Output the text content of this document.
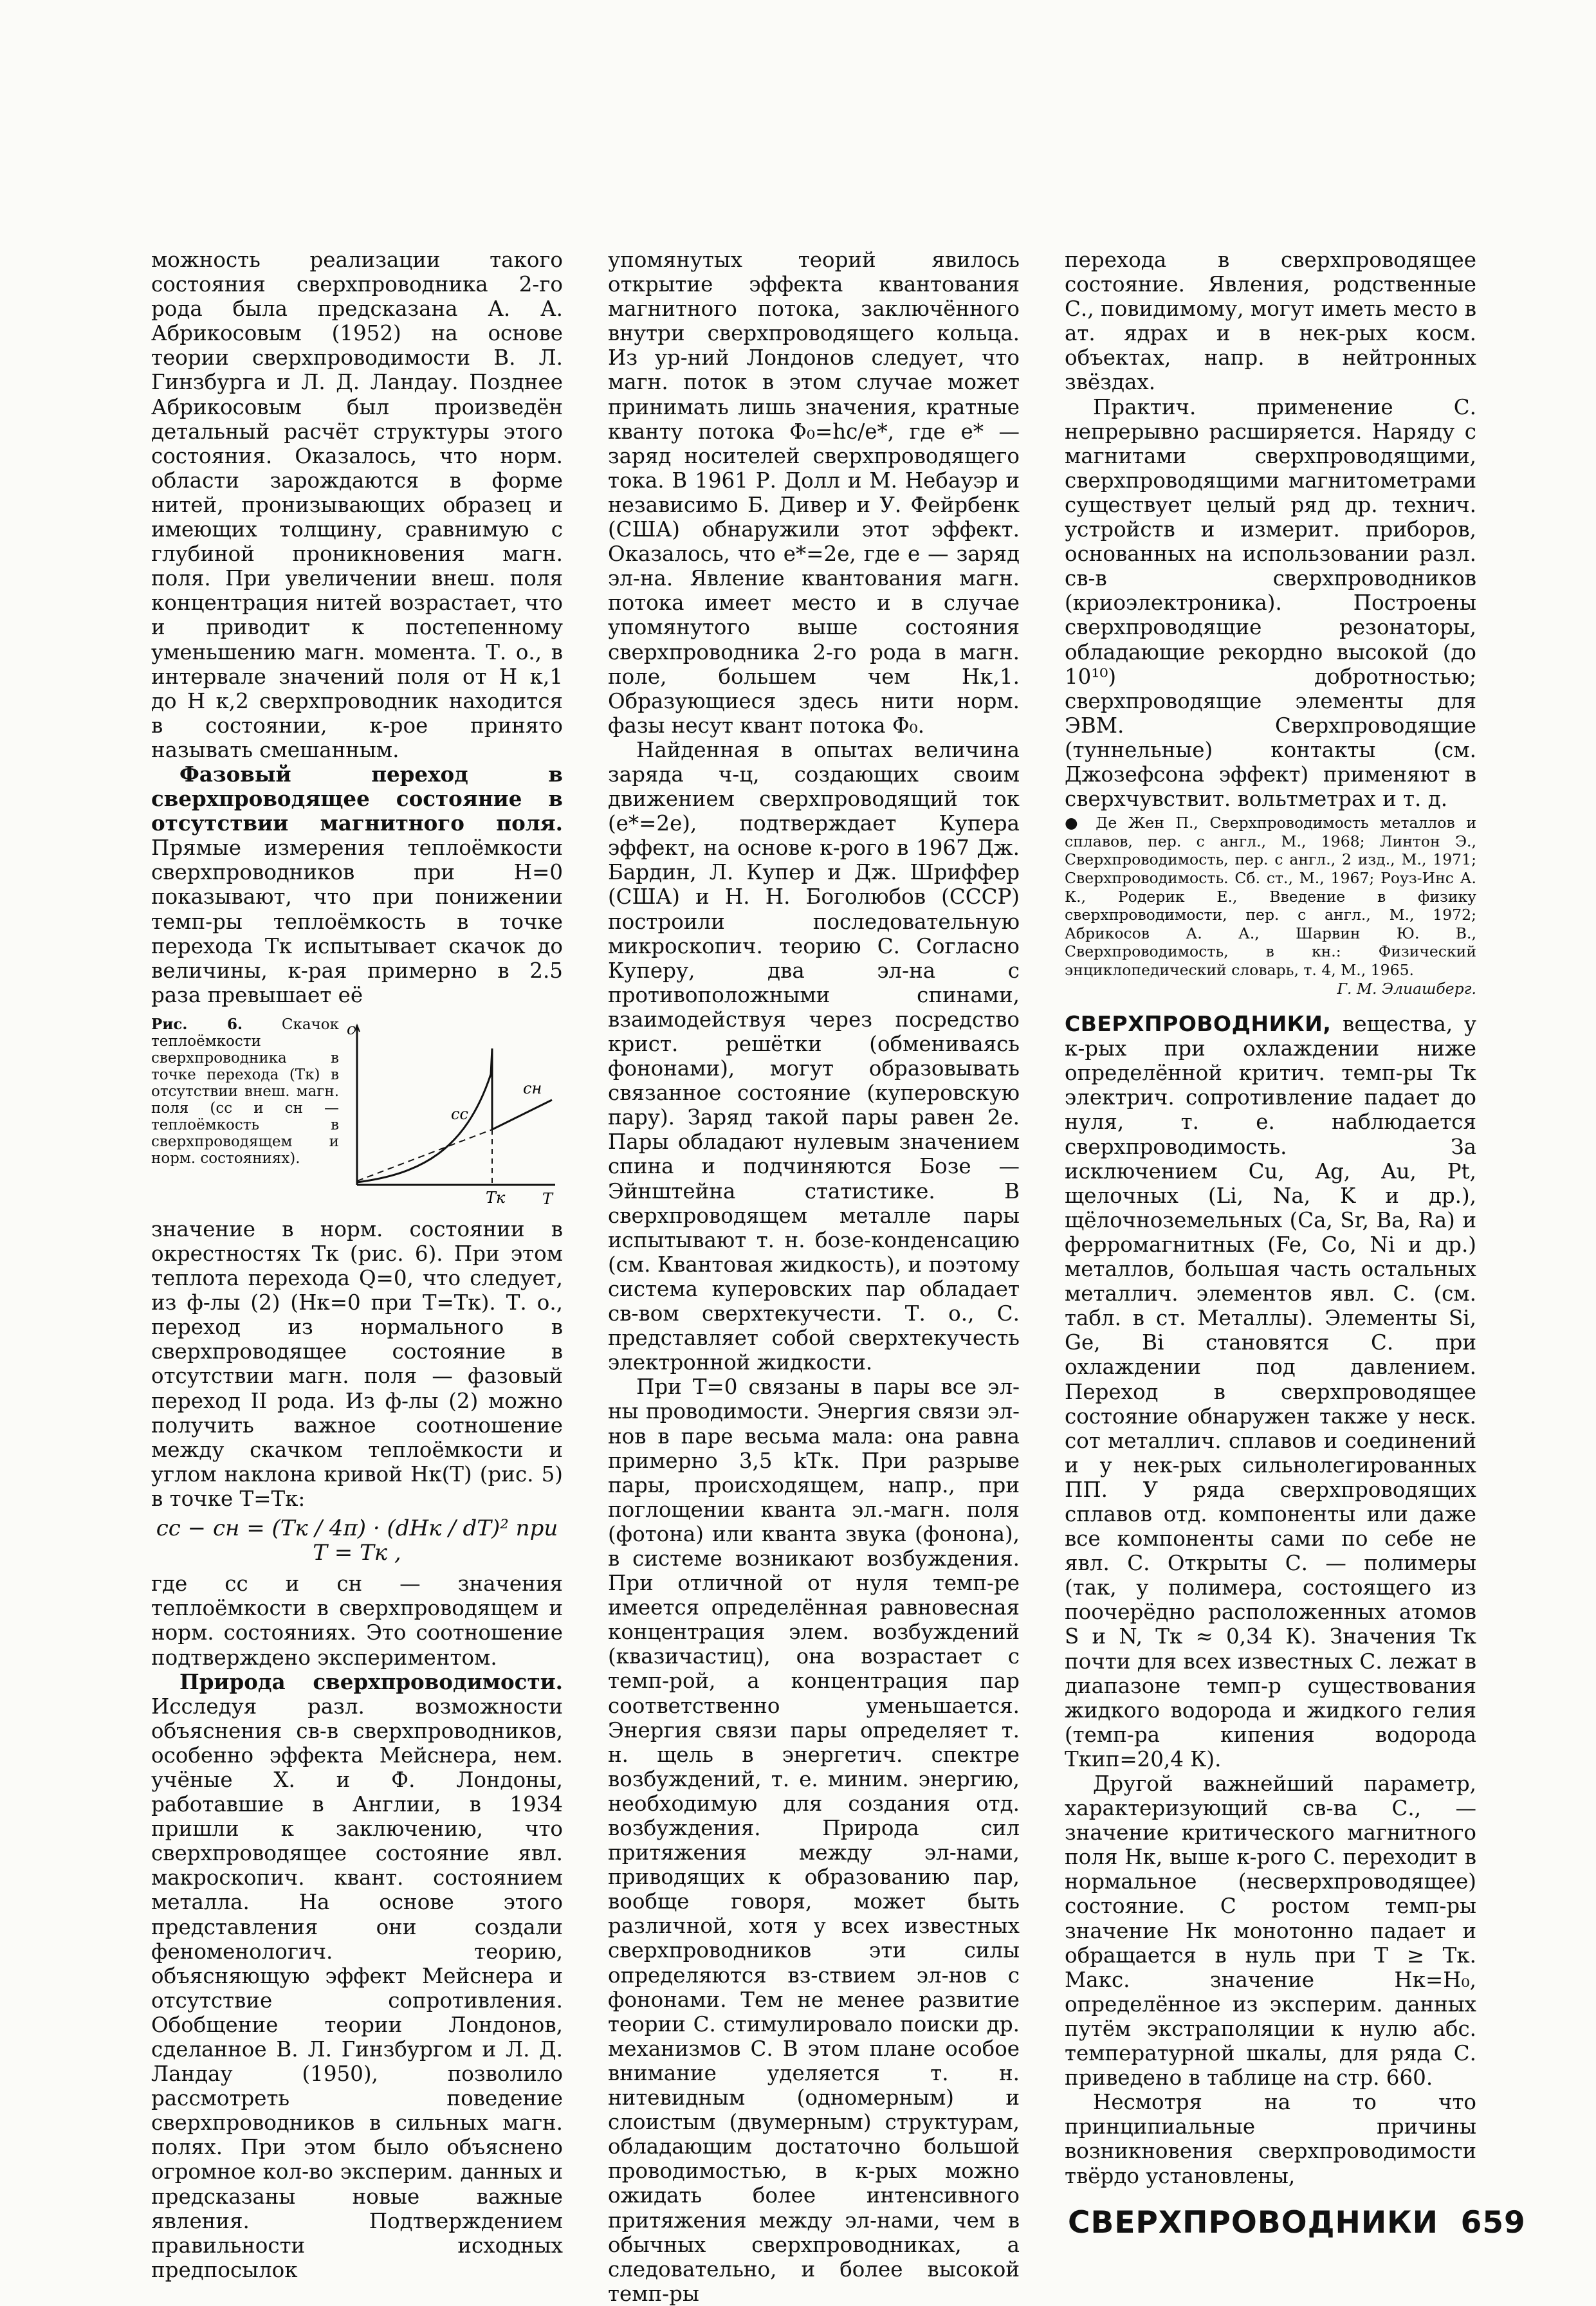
можность реализации такого состояния сверхпроводника 2-го рода была предсказана А. А. Абрикосовым (1952) на основе теории сверхпроводимости В. Л. Гинзбурга и Л. Д. Ландау. Позднее Абрикосовым был произведён детальный расчёт структуры этого состояния. Оказалось, что норм. области зарождаются в форме нитей, пронизывающих образец и имеющих толщину, сравнимую с глубиной проникновения магн. поля. При увеличении внеш. поля концентрация нитей возрастает, что и приводит к постепенному уменьшению магн. момента. Т. о., в интервале значений поля от H к,1 до H к,2 сверхпроводник находится в состоянии, к-рое принято называть смешанным.

Фазовый переход в сверхпроводящее состояние в отсутствии магнитного поля. Прямые измерения теплоёмкости сверхпроводников при H=0 показывают, что при понижении темп-ры теплоёмкость в точке перехода Tк испытывает скачок до величины, к-рая примерно в 2.5 раза превышает её

Рис. 6. Скачок теплоёмкости сверхпроводника в точке перехода (Tк) в отсутствии внеш. магн. поля (cс и cн — теплоёмкость в сверхпроводящем и норм. состояниях).
c
T
cс
cн
Tк

значение в норм. состоянии в окрестностях Tк (рис. 6). При этом теплота перехода Q=0, что следует, из ф-лы (2) (Hк=0 при T=Tк). Т. о., переход из нормального в сверхпроводящее состояние в отсутствии магн. поля — фазовый переход II рода. Из ф-лы (2) можно получить важное соотношение между скачком теплоёмкости и углом наклона кривой Hк(T) (рис. 5) в точке T=Tк:

cс − cн = (Tк / 4π) · (dHк / dT)² при T = Tк ,

где cс и cн — значения теплоёмкости в сверхпроводящем и норм. состояниях. Это соотношение подтверждено экспериментом.

Природа сверхпроводимости. Исследуя разл. возможности объяснения св-в сверхпроводников, особенно эффекта Мейснера, нем. учёные Х. и Ф. Лондоны, работавшие в Англии, в 1934 пришли к заключению, что сверхпроводящее состояние явл. макроскопич. квант. состоянием металла. На основе этого представления они создали феноменологич. теорию, объясняющую эффект Мейснера и отсутствие сопротивления. Обобщение теории Лондонов, сделанное В. Л. Гинзбургом и Л. Д. Ландау (1950), позволило рассмотреть поведение сверхпроводников в сильных магн. полях. При этом было объяснено огромное кол-во эксперим. данных и предсказаны новые важные явления. Подтверждением правильности исходных предпосылок

упомянутых теорий явилось открытие эффекта квантования магнитного потока, заключённого внутри сверхпроводящего кольца. Из ур-ний Лондонов следует, что магн. поток в этом случае может принимать лишь значения, кратные кванту потока Φ₀=hc/e*, где e* — заряд носителей сверхпроводящего тока. В 1961 Р. Долл и М. Небауэр и независимо Б. Дивер и У. Фейрбенк (США) обнаружили этот эффект. Оказалось, что e*=2e, где e — заряд эл-на. Явление квантования магн. потока имеет место и в случае упомянутого выше состояния сверхпроводника 2-го рода в магн. поле, большем чем Hк,1. Образующиеся здесь нити норм. фазы несут квант потока Φ₀.

Найденная в опытах величина заряда ч-ц, создающих своим движением сверхпроводящий ток (e*=2e), подтверждает Купера эффект, на основе к-рого в 1967 Дж. Бардин, Л. Купер и Дж. Шриффер (США) и Н. Н. Боголюбов (СССР) построили последовательную микроскопич. теорию С. Согласно Куперу, два эл-на с противоположными спинами, взаимодействуя через посредство крист. решётки (обмениваясь фононами), могут образовывать связанное состояние (куперовскую пару). Заряд такой пары равен 2e. Пары обладают нулевым значением спина и подчиняются Бозе — Эйнштейна статистике. В сверхпроводящем металле пары испытывают т. н. бозе-конденсацию (см. Квантовая жидкость), и поэтому система куперовских пар обладает св-вом сверхтекучести. Т. о., С. представляет собой сверхтекучесть электронной жидкости.

При T=0 связаны в пары все эл-ны проводимости. Энергия связи эл-нов в паре весьма мала: она равна примерно 3,5 kTк. При разрыве пары, происходящем, напр., при поглощении кванта эл.-магн. поля (фотона) или кванта звука (фонона), в системе возникают возбуждения. При отличной от нуля темп-ре имеется определённая равновесная концентрация элем. возбуждений (квазичастиц), она возрастает с темп-рой, а концентрация пар соответственно уменьшается. Энергия связи пары определяет т. н. щель в энергетич. спектре возбуждений, т. е. миним. энергию, необходимую для создания отд. возбуждения. Природа сил притяжения между эл-нами, приводящих к образованию пар, вообще говоря, может быть различной, хотя у всех известных сверхпроводников эти силы определяются вз-ствием эл-нов с фононами. Тем не менее развитие теории С. стимулировало поиски др. механизмов С. В этом плане особое внимание уделяется т. н. нитевидным (одномерным) и слоистым (двумерным) структурам, обладающим достаточно большой проводимостью, в к-рых можно ожидать более интенсивного притяжения между эл-нами, чем в обычных сверхпроводниках, а следовательно, и более высокой темп-ры

перехода в сверхпроводящее состояние. Явления, родственные С., повидимому, могут иметь место в ат. ядрах и в нек-рых косм. объектах, напр. в нейтронных звёздах.

Практич. применение С. непрерывно расширяется. Наряду с магнитами сверхпроводящими, сверхпроводящими магнитометрами существует целый ряд др. технич. устройств и измерит. приборов, основанных на использовании разл. св-в сверхпроводников (криоэлектроника). Построены сверхпроводящие резонаторы, обладающие рекордно высокой (до 10¹⁰) добротностью; сверхпроводящие элементы для ЭВМ. Сверхпроводящие (туннельные) контакты (см. Джозефсона эффект) применяют в сверхчувствит. вольтметрах и т. д.

● Де Жен П., Сверхпроводимость металлов и сплавов, пер. с англ., М., 1968; Линтон Э., Сверхпроводимость, пер. с англ., 2 изд., М., 1971; Сверхпроводимость. Сб. ст., М., 1967; Роуз-Инс А. К., Родерик Е., Введение в физику сверхпроводимости, пер. с англ., М., 1972; Абрикосов А. А., Шарвин Ю. В., Сверхпроводимость, в кн.: Физический энциклопедический словарь, т. 4, М., 1965.
Г. М. Элиашберг.

СВЕРХПРОВОДНИКИ, вещества, у к-рых при охлаждении ниже определённой критич. темп-ры Tк электрич. сопротивление падает до нуля, т. е. наблюдается сверхпроводимость. За исключением Cu, Ag, Au, Pt, щелочных (Li, Na, K и др.), щёлочноземельных (Ca, Sr, Ba, Ra) и ферромагнитных (Fe, Co, Ni и др.) металлов, большая часть остальных металлич. элементов явл. С. (см. табл. в ст. Металлы). Элементы Si, Ge, Bi становятся С. при охлаждении под давлением. Переход в сверхпроводящее состояние обнаружен также у неск. сот металлич. сплавов и соединений и у нек-рых сильнолегированных ПП. У ряда сверхпроводящих сплавов отд. компоненты или даже все компоненты сами по себе не явл. С. Открыты С. — полимеры (так, у полимера, состоящего из поочерёдно расположенных атомов S и N, Tк ≈ 0,34 К). Значения Tк почти для всех известных С. лежат в диапазоне темп-р существования жидкого водорода и жидкого гелия (темп-ра кипения водорода Tкип=20,4 К).

Другой важнейший параметр, характеризующий св-ва С., — значение критического магнитного поля Hк, выше к-рого С. переходит в нормальное (несверхпроводящее) состояние. С ростом темп-ры значение Hк монотонно падает и обращается в нуль при T ≥ Tк. Макс. значение Hк=H₀, определённое из эксперим. данных путём экстраполяции к нулю абс. температурной шкалы, для ряда С. приведено в таблице на стр. 660.

Несмотря на то что принципиальные причины возникновения сверхпроводимости твёрдо установлены,

СВЕРХПРОВОДНИКИ 659
